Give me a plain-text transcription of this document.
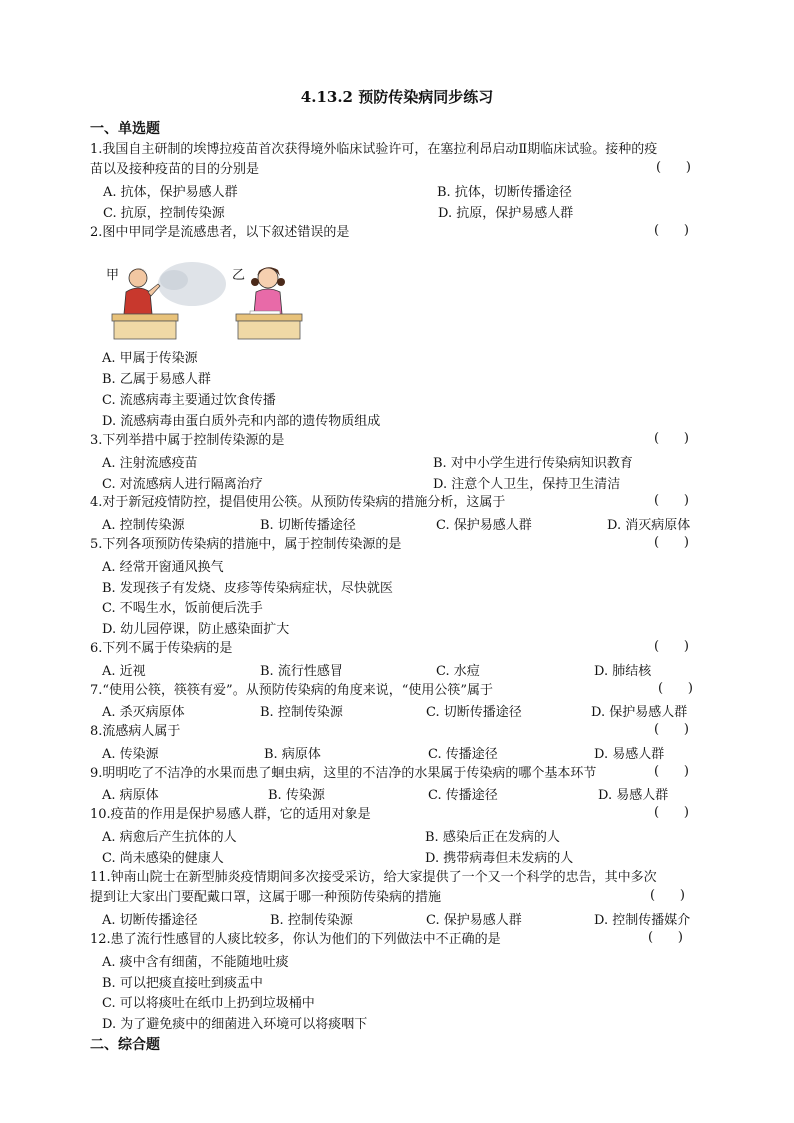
4.13.2 预防传染病同步练习
一、单选题
1.我国自主研制的埃博拉疫苗首次获得境外临床试验许可，在塞拉利昂启动Ⅱ期临床试验。接种的疫
苗以及接种疫苗的目的分别是	(      )
A. 抗体，保护易感人群	B. 抗体，切断传播途径
C. 抗原，控制传染源	D. 抗原，保护易感人群
2.图中甲同学是流感患者，以下叙述错误的是	(      )
甲	乙
A. 甲属于传染源
B. 乙属于易感人群
C. 流感病毒主要通过饮食传播
D. 流感病毒由蛋白质外壳和内部的遗传物质组成
3.下列举措中属于控制传染源的是	(      )
A. 注射流感疫苗	B. 对中小学生进行传染病知识教育
C. 对流感病人进行隔离治疗	D. 注意个人卫生，保持卫生清洁
4.对于新冠疫情防控，提倡使用公筷。从预防传染病的措施分析，这属于	(      )
A. 控制传染源	B. 切断传播途径	C. 保护易感人群	D. 消灭病原体
5.下列各项预防传染病的措施中，属于控制传染源的是	(      )
A. 经常开窗通风换气
B. 发现孩子有发烧、皮疹等传染病症状，尽快就医
C. 不喝生水，饭前便后洗手
D. 幼儿园停课，防止感染面扩大
6.下列不属于传染病的是	(      )
A. 近视	B. 流行性感冒	C. 水痘	D. 肺结核
7.“使用公筷，筷筷有爱”。从预防传染病的角度来说，“使用公筷”属于	(      )
A. 杀灭病原体	B. 控制传染源	C. 切断传播途径	D. 保护易感人群
8.流感病人属于	(      )
A. 传染源	B. 病原体	C. 传播途径	D. 易感人群
9.明明吃了不洁净的水果而患了蛔虫病，这里的不洁净的水果属于传染病的哪个基本环节	(      )
A. 病原体	B. 传染源	C. 传播途径	D. 易感人群
10.疫苗的作用是保护易感人群，它的适用对象是	(      )
A. 病愈后产生抗体的人	B. 感染后正在发病的人
C. 尚未感染的健康人	D. 携带病毒但未发病的人
11.钟南山院士在新型肺炎疫情期间多次接受采访，给大家提供了一个又一个科学的忠告，其中多次
提到让大家出门要配戴口罩，这属于哪一种预防传染病的措施	(      )
A. 切断传播途径	B. 控制传染源	C. 保护易感人群	D. 控制传播媒介
12.患了流行性感冒的人痰比较多，你认为他们的下列做法中不正确的是	(      )
A. 痰中含有细菌，不能随地吐痰
B. 可以把痰直接吐到痰盂中
C. 可以将痰吐在纸巾上扔到垃圾桶中
D. 为了避免痰中的细菌进入环境可以将痰咽下
二、综合题
